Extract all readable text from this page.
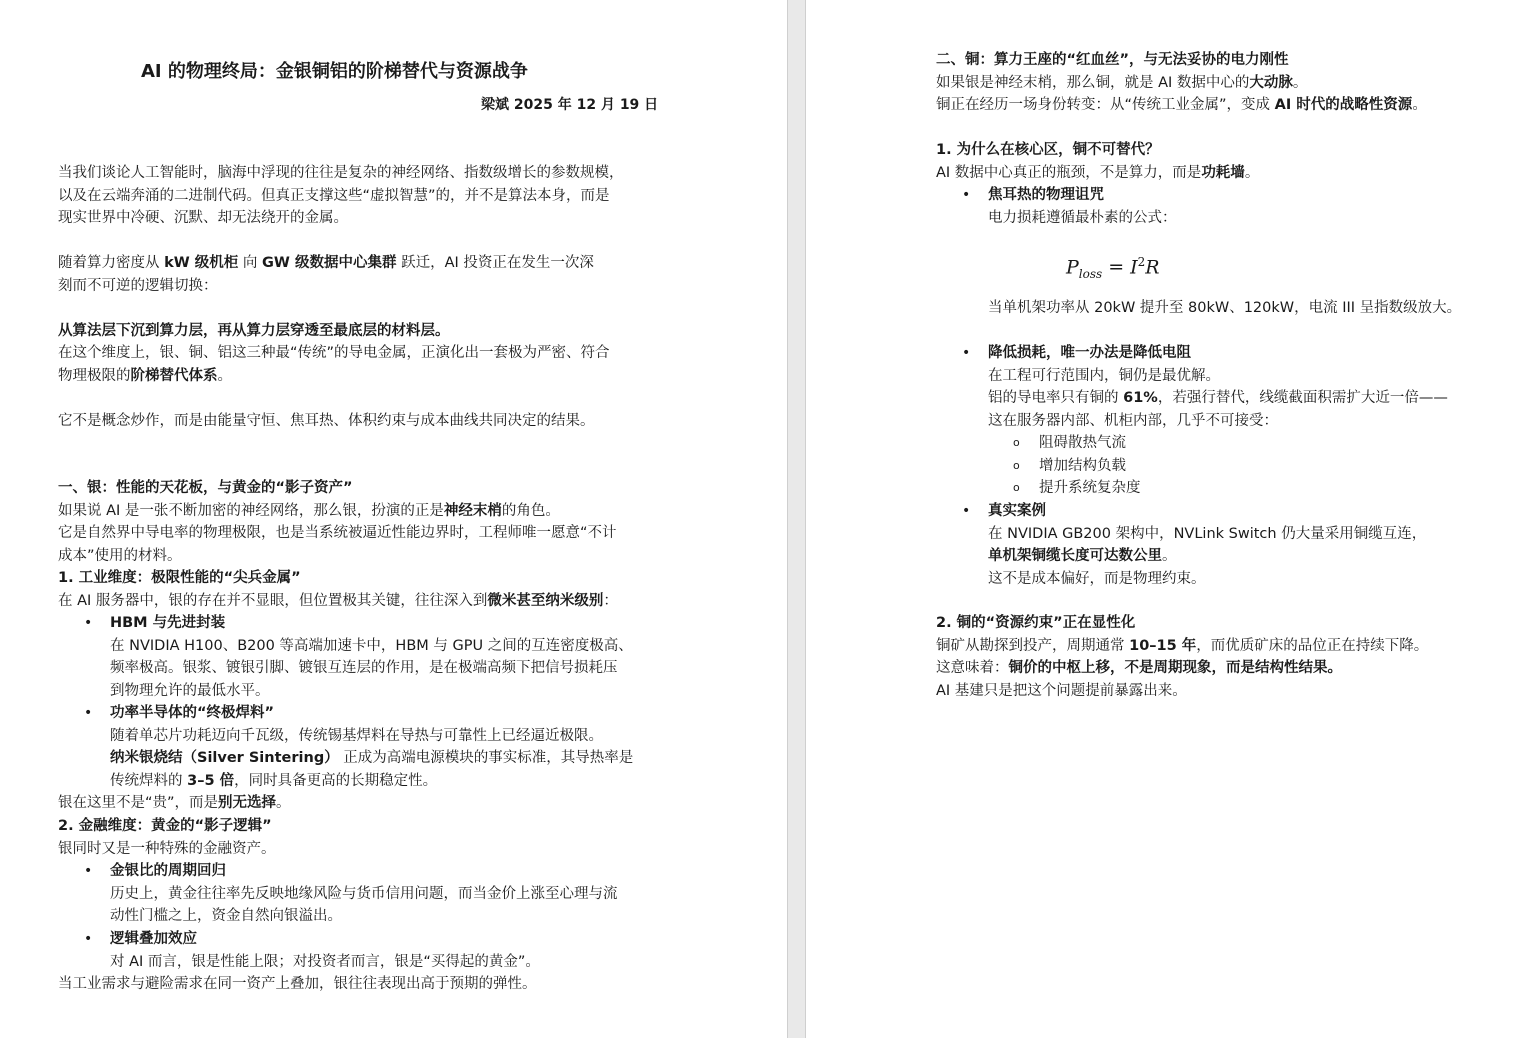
AI 的物理终局：金银铜铝的阶梯替代与资源战争
梁斌 2025 年 12 月 19 日
当我们谈论人工智能时，脑海中浮现的往往是复杂的神经网络、指数级增长的参数规模，
以及在云端奔涌的二进制代码。但真正支撑这些“虚拟智慧”的，并不是算法本身，而是
现实世界中冷硬、沉默、却无法绕开的金属。
随着算力密度从 kW 级机柜 向 GW 级数据中心集群 跃迁，AI 投资正在发生一次深
刻而不可逆的逻辑切换：
从算法层下沉到算力层，再从算力层穿透至最底层的材料层。
在这个维度上，银、铜、铝这三种最“传统”的导电金属，正演化出一套极为严密、符合
物理极限的阶梯替代体系。
它不是概念炒作，而是由能量守恒、焦耳热、体积约束与成本曲线共同决定的结果。
一、银：性能的天花板，与黄金的“影子资产”
如果说 AI 是一张不断加密的神经网络，那么银，扮演的正是神经末梢的角色。
它是自然界中导电率的物理极限，也是当系统被逼近性能边界时，工程师唯一愿意“不计
成本”使用的材料。
1. 工业维度：极限性能的“尖兵金属”
在 AI 服务器中，银的存在并不显眼，但位置极其关键，往往深入到微米甚至纳米级别：
• HBM 与先进封装
在 NVIDIA H100、B200 等高端加速卡中，HBM 与 GPU 之间的互连密度极高、
频率极高。银浆、镀银引脚、镀银互连层的作用，是在极端高频下把信号损耗压
到物理允许的最低水平。
• 功率半导体的“终极焊料”
随着单芯片功耗迈向千瓦级，传统锡基焊料在导热与可靠性上已经逼近极限。
纳米银烧结（Silver Sintering） 正成为高端电源模块的事实标准，其导热率是
传统焊料的 3–5 倍，同时具备更高的长期稳定性。
银在这里不是“贵”，而是别无选择。
2. 金融维度：黄金的“影子逻辑”
银同时又是一种特殊的金融资产。
• 金银比的周期回归
历史上，黄金往往率先反映地缘风险与货币信用问题，而当金价上涨至心理与流
动性门槛之上，资金自然向银溢出。
• 逻辑叠加效应
对 AI 而言，银是性能上限；对投资者而言，银是“买得起的黄金”。
当工业需求与避险需求在同一资产上叠加，银往往表现出高于预期的弹性。
二、铜：算力王座的“红血丝”，与无法妥协的电力刚性
如果银是神经末梢，那么铜，就是 AI 数据中心的大动脉。
铜正在经历一场身份转变：从“传统工业金属”，变成 AI 时代的战略性资源。
1. 为什么在核心区，铜不可替代？
AI 数据中心真正的瓶颈，不是算力，而是功耗墙。
• 焦耳热的物理诅咒
电力损耗遵循最朴素的公式：
$P_{loss} = I^2R$
当单机架功率从 20kW 提升至 80kW、120kW，电流 III 呈指数级放大。
• 降低损耗，唯一办法是降低电阻
在工程可行范围内，铜仍是最优解。
铝的导电率只有铜的 61%，若强行替代，线缆截面积需扩大近一倍——
这在服务器内部、机柜内部，几乎不可接受：
o 阻碍散热气流
o 增加结构负载
o 提升系统复杂度
• 真实案例
在 NVIDIA GB200 架构中，NVLink Switch 仍大量采用铜缆互连，
单机架铜缆长度可达数公里。
这不是成本偏好，而是物理约束。
2. 铜的“资源约束”正在显性化
铜矿从勘探到投产，周期通常 10–15 年，而优质矿床的品位正在持续下降。
这意味着：铜价的中枢上移，不是周期现象，而是结构性结果。
AI 基建只是把这个问题提前暴露出来。
